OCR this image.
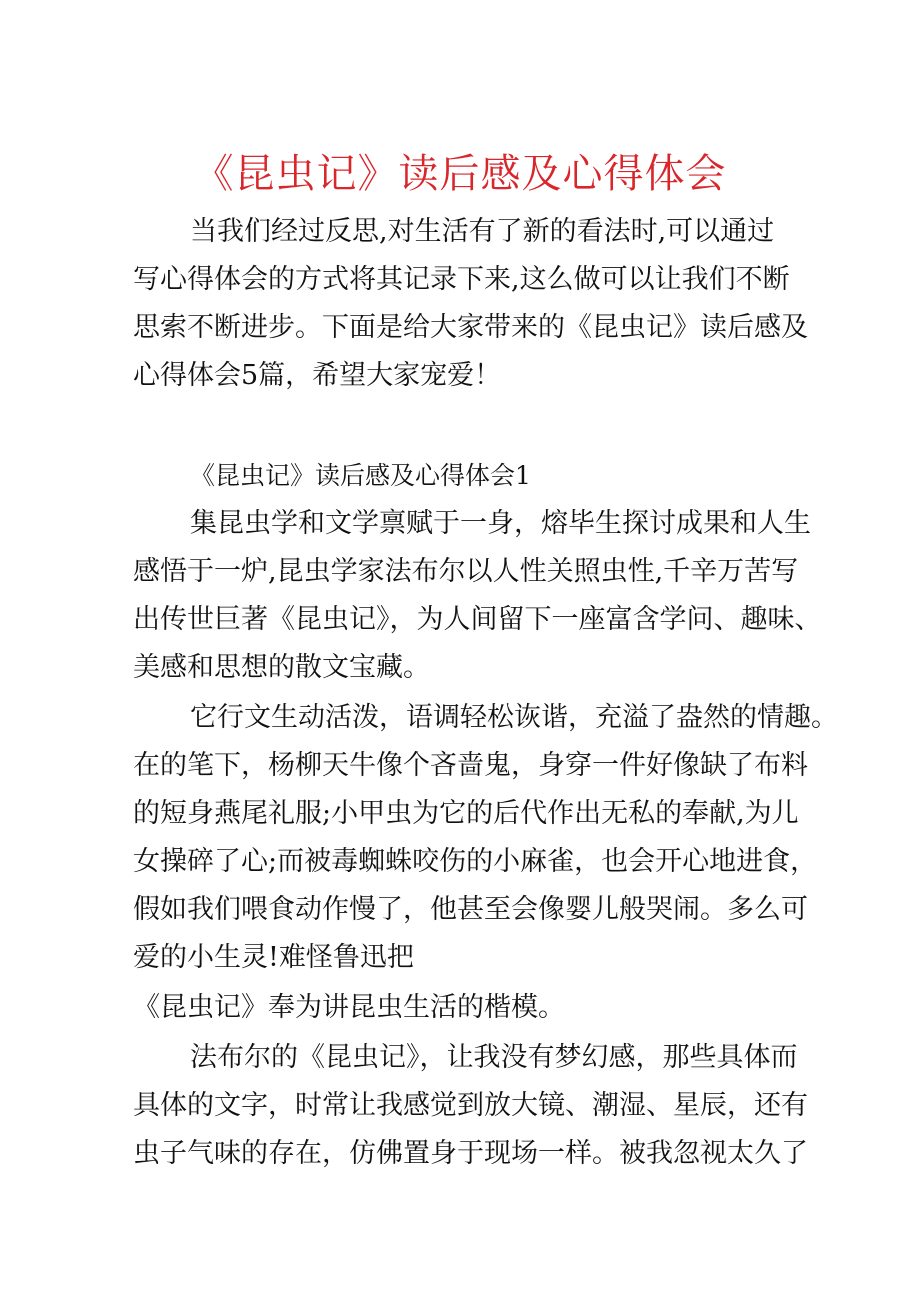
《昆虫记》读后感及心得体会
当我们经过反思,对生活有了新的看法时,可以通过
写心得体会的方式将其记录下来,这么做可以让我们不断
思索不断进步。下面是给大家带来的《昆虫记》读后感及
心得体会5篇，希望大家宠爱！
《昆虫记》读后感及心得体会1
集昆虫学和文学禀赋于一身，熔毕生探讨成果和人生
感悟于一炉,昆虫学家法布尔以人性关照虫性,千辛万苦写
出传世巨著《昆虫记》，为人间留下一座富含学问、趣味、
美感和思想的散文宝藏。
它行文生动活泼，语调轻松诙谐，充溢了盎然的情趣。
在的笔下，杨柳天牛像个吝啬鬼，身穿一件好像缺了布料
的短身燕尾礼服;小甲虫为它的后代作出无私的奉献,为儿
女操碎了心;而被毒蜘蛛咬伤的小麻雀，也会开心地进食，
假如我们喂食动作慢了，他甚至会像婴儿般哭闹。多么可
爱的小生灵!难怪鲁迅把
《昆虫记》奉为讲昆虫生活的楷模。
法布尔的《昆虫记》，让我没有梦幻感，那些具体而
具体的文字，时常让我感觉到放大镜、潮湿、星辰，还有
虫子气味的存在，仿佛置身于现场一样。被我忽视太久了
